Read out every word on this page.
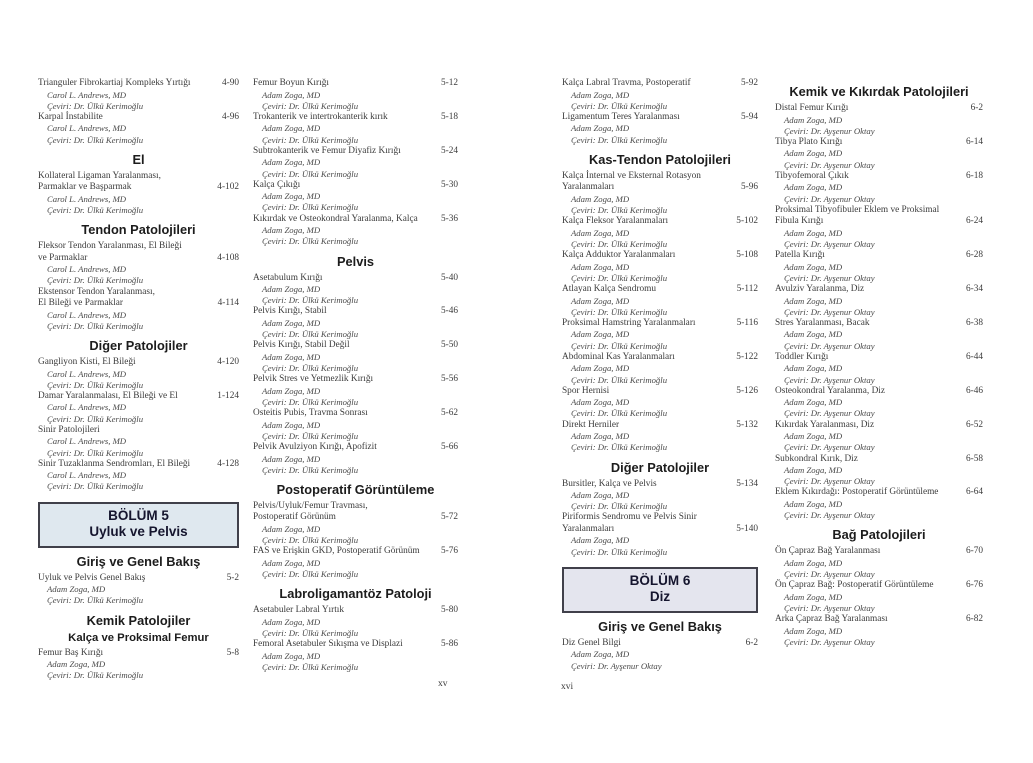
Trianguler Fibrokartiaj Kompleks Yırtığı	4-90
Carol L. Andrews, MD
Çeviri: Dr. Ülkü Kerimoğlu
Karpal İnstabilite	4-96
Carol L. Andrews, MD
Çeviri: Dr. Ülkü Kerimoğlu
El
Kollateral Ligaman Yaralanması,
Parmaklar ve Başparmak	4-102
Carol L. Andrews, MD
Çeviri: Dr. Ülkü Kerimoğlu
Tendon Patolojileri
Fleksor Tendon Yaralanması, El Bileği
ve Parmaklar	4-108
Carol L. Andrews, MD
Çeviri: Dr. Ülkü Kerimoğlu
Ekstensor Tendon Yaralanması,
El Bileği ve Parmaklar	4-114
Carol L. Andrews, MD
Çeviri: Dr. Ülkü Kerimoğlu
Diğer Patolojiler
Gangliyon Kisti, El Bileği	4-120
Carol L. Andrews, MD
Çeviri: Dr. Ülkü Kerimoğlu
Damar Yaralanmalası, El Bileği ve El	1-124
Carol L. Andrews, MD
Çeviri: Dr. Ülkü Kerimoğlu
Sinir Patolojileri
Carol L. Andrews, MD
Çeviri: Dr. Ülkü Kerimoğlu
Sinir Tuzaklanma Sendromları, El Bileği	4-128
Carol L. Andrews, MD
Çeviri: Dr. Ülkü Kerimoğlu
BÖLÜM 5
Uyluk ve Pelvis
Giriş ve Genel Bakış
Uyluk ve Pelvis Genel Bakış	5-2
Adam Zoga, MD
Çeviri: Dr. Ülkü Kerimoğlu
Kemik Patolojiler
Kalça ve Proksimal Femur
Femur Baş Kırığı	5-8
Adam Zoga, MD
Çeviri: Dr. Ülkü Kerimoğlu
Femur Boyun Kırığı	5-12
Adam Zoga, MD
Çeviri: Dr. Ülkü Kerimoğlu
Trokanterik ve intertrokanterik kırık	5-18
Adam Zoga, MD
Çeviri: Dr. Ülkü Kerimoğlu
Subtrokanterik ve Femur Diyafiz Kırığı	5-24
Adam Zoga, MD
Çeviri: Dr. Ülkü Kerimoğlu
Kalça Çıkığı	5-30
Adam Zoga, MD
Çeviri: Dr. Ülkü Kerimoğlu
Kıkırdak ve Osteokondral Yaralanma, Kalça	5-36
Adam Zoga, MD
Çeviri: Dr. Ülkü Kerimoğlu
Pelvis
Asetabulum Kırığı	5-40
Adam Zoga, MD
Çeviri: Dr. Ülkü Kerimoğlu
Pelvis Kırığı, Stabil	5-46
Adam Zoga, MD
Çeviri: Dr. Ülkü Kerimoğlu
Pelvis Kırığı, Stabil Değil	5-50
Adam Zoga, MD
Çeviri: Dr. Ülkü Kerimoğlu
Pelvik Stres ve Yetmezlik Kırığı	5-56
Adam Zoga, MD
Çeviri: Dr. Ülkü Kerimoğlu
Osteitis Pubis, Travma Sonrası	5-62
Adam Zoga, MD
Çeviri: Dr. Ülkü Kerimoğlu
Pelvik Avulziyon Kırığı, Apofizit	5-66
Adam Zoga, MD
Çeviri: Dr. Ülkü Kerimoğlu
Postoperatif Görüntüleme
Pelvis/Uyluk/Femur Travması,
Postoperatif Görünüm	5-72
Adam Zoga, MD
Çeviri: Dr. Ülkü Kerimoğlu
FAS ve Erişkin GKD, Postoperatif Görünüm	5-76
Adam Zoga, MD
Çeviri: Dr. Ülkü Kerimoğlu
Labroligamantöz Patoloji
Asetabuler Labral Yırtık	5-80
Adam Zoga, MD
Çeviri: Dr. Ülkü Kerimoğlu
Femoral Asetabuler Sıkışma ve Displazi	5-86
Adam Zoga, MD
Çeviri: Dr. Ülkü Kerimoğlu
Kalça Labral Travma, Postoperatif	5-92
Adam Zoga, MD
Çeviri: Dr. Ülkü Kerimoğlu
Ligamentum Teres Yaralanması	5-94
Adam Zoga, MD
Çeviri: Dr. Ülkü Kerimoğlu
Kas-Tendon Patolojileri
Kalça İnternal ve Eksternal Rotasyon
Yaralanmaları	5-96
Adam Zoga, MD
Çeviri: Dr. Ülkü Kerimoğlu
Kalça Fleksor Yaralanmaları	5-102
Adam Zoga, MD
Çeviri: Dr. Ülkü Kerimoğlu
Kalça Adduktor Yaralanmaları	5-108
Adam Zoga, MD
Çeviri: Dr. Ülkü Kerimoğlu
Atlayan Kalça Sendromu	5-112
Adam Zoga, MD
Çeviri: Dr. Ülkü Kerimoğlu
Proksimal Hamstring Yaralanmaları	5-116
Adam Zoga, MD
Çeviri: Dr. Ülkü Kerimoğlu
Abdominal Kas Yaralanmaları	5-122
Adam Zoga, MD
Çeviri: Dr. Ülkü Kerimoğlu
Spor Hernisi	5-126
Adam Zoga, MD
Çeviri: Dr. Ülkü Kerimoğlu
Direkt Herniler	5-132
Adam Zoga, MD
Çeviri: Dr. Ülkü Kerimoğlu
Diğer Patolojiler
Bursitler, Kalça ve Pelvis	5-134
Adam Zoga, MD
Çeviri: Dr. Ülkü Kerimoğlu
Piriformis Sendromu ve Pelvis Sinir
Yaralanmaları	5-140
Adam Zoga, MD
Çeviri: Dr. Ülkü Kerimoğlu
BÖLÜM 6
Diz
Giriş ve Genel Bakış
Diz Genel Bilgi	6-2
Adam Zoga, MD
Çeviri: Dr. Ayşenur Oktay
Kemik ve Kıkırdak Patolojileri
Distal Femur Kırığı	6-2
Adam Zoga, MD
Çeviri: Dr. Ayşenur Oktay
Tibya Plato Kırığı	6-14
Adam Zoga, MD
Çeviri: Dr. Ayşenur Oktay
Tibyofemoral Çıkık	6-18
Adam Zoga, MD
Çeviri: Dr. Ayşenur Oktay
Proksimal Tibyofibuler Eklem ve Proksimal
Fibula Kırığı	6-24
Adam Zoga, MD
Çeviri: Dr. Ayşenur Oktay
Patella Kırığı	6-28
Adam Zoga, MD
Çeviri: Dr. Ayşenur Oktay
Avulziv Yaralanma, Diz	6-34
Adam Zoga, MD
Çeviri: Dr. Ayşenur Oktay
Stres Yaralanması, Bacak	6-38
Adam Zoga, MD
Çeviri: Dr. Ayşenur Oktay
Toddler Kırığı	6-44
Adam Zoga, MD
Çeviri: Dr. Ayşenur Oktay
Osteokondral Yaralanma, Diz	6-46
Adam Zoga, MD
Çeviri: Dr. Ayşenur Oktay
Kıkırdak Yaralanması, Diz	6-52
Adam Zoga, MD
Çeviri: Dr. Ayşenur Oktay
Subkondral Kırık, Diz	6-58
Adam Zoga, MD
Çeviri: Dr. Ayşenur Oktay
Eklem Kıkırdağı: Postoperatif Görüntüleme	6-64
Adam Zoga, MD
Çeviri: Dr. Ayşenur Oktay
Bağ Patolojileri
Ön Çapraz Bağ Yaralanması	6-70
Adam Zoga, MD
Çeviri: Dr. Ayşenur Oktay
Ön Çapraz Bağ: Postoperatif Görüntüleme	6-76
Adam Zoga, MD
Çeviri: Dr. Ayşenur Oktay
Arka Çapraz Bağ Yaralanması	6-82
Adam Zoga, MD
Çeviri: Dr. Ayşenur Oktay
xv	xvi
